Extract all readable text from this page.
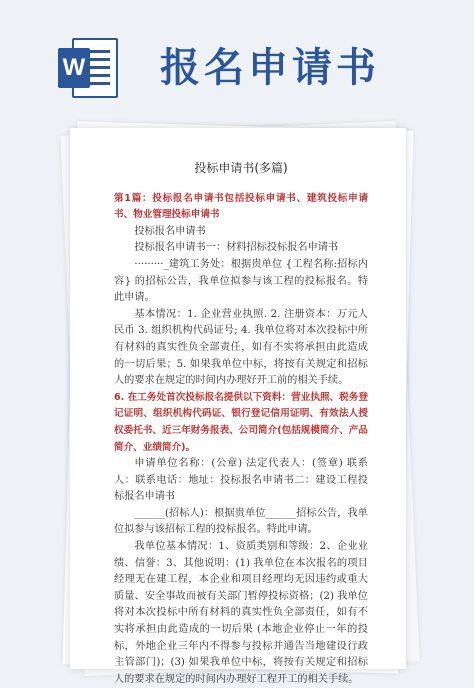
W 报名申请书

投标申请书(多篇)

第1篇：投标报名申请书包括投标申请书、建筑投标申请书、物业管理投标申请书

投标报名申请书

投标报名申请书一：材料招标投标报名申请书

·········_建筑工务处：根据贵单位 {工程名称:招标内容} 的招标公告，我单位拟参与该工程的投标报名。特此申请。

基本情况：1. 企业营业执照. 2. 注册资本：万元人民币 3. 组织机构代码证号; 4. 我单位将对本次投标中所有材料的真实性负全部责任，如有不实将承担由此造成的一切后果；5. 如果我单位中标，将按有关规定和招标人的要求在规定的时间内办理好开工前的相关手续。

6. 在工务处首次投标报名提供以下资料：营业执照、税务登记证明、组织机构代码证、银行登记信用证明、有效法人授权委托书、近三年财务报表、公司简介(包括规模简介、产品简介、业绩简介)。

申请单位名称：(公章) 法定代表人：(签章) 联系人：联系电话：地址：投标报名申请书二：建设工程投标报名申请书

______(招标人)：根据贵单位______招标公告，我单位拟参与该招标工程的投标报名。特此申请。

我单位基本情况：1、资质类别和等级：2、企业业绩、信誉：3、其他说明：(1) 我单位在本次报名的项目经理无在建工程，本企业和项目经理均无因违约或重大质量、安全事故而被有关部门暂停投标资格；(2) 我单位将对本次投标中所有材料的真实性负全部责任，如有不实将承担由此造成的一切后果 (本地企业停止一年的投标，外地企业三年内不得参与投标并通告当地建设行政主管部门)；(3) 如果我单位中标，将按有关规定和招标人的要求在规定的时间内办理好工程开工的相关手续。
